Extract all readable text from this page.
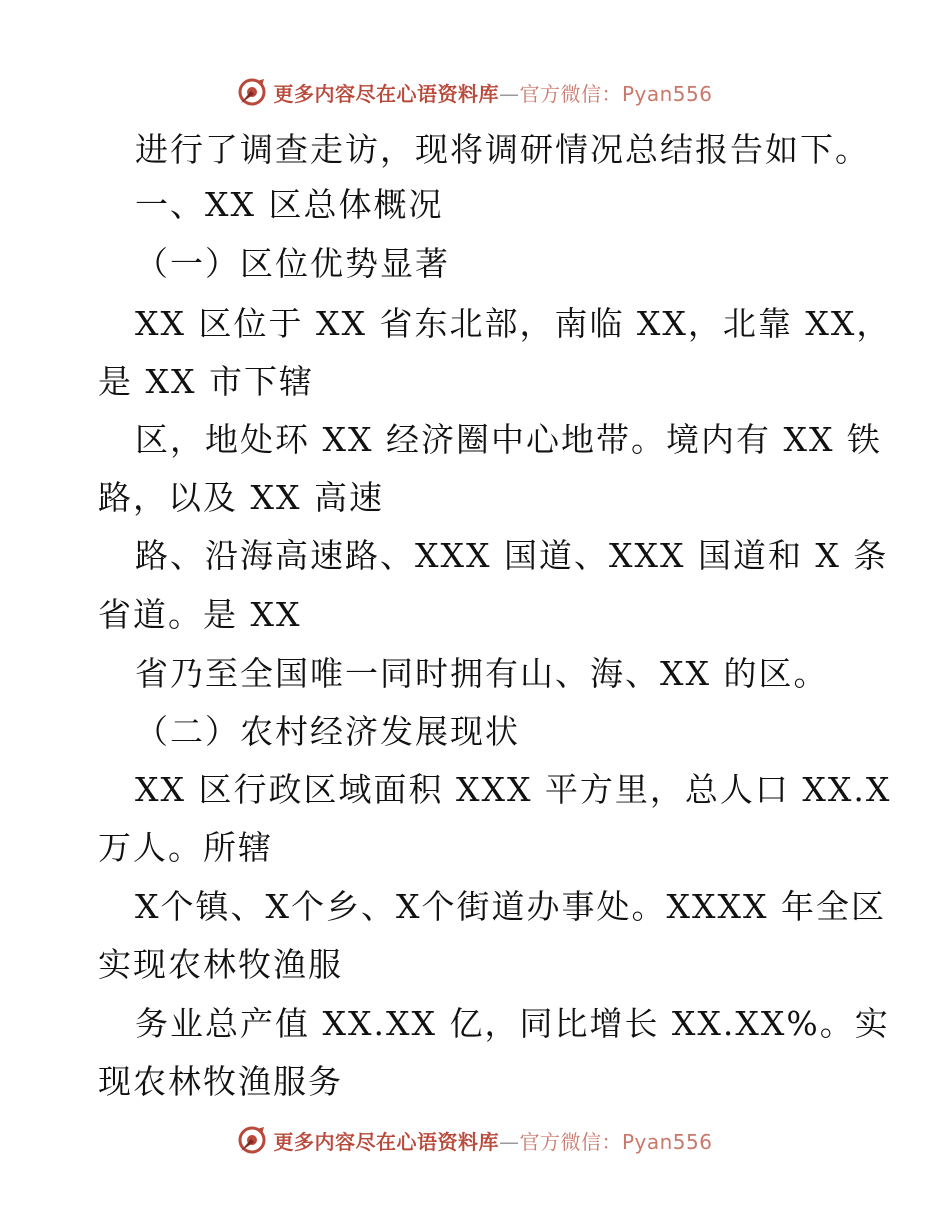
更多内容尽在心语资料库—官方微信：Pyan556
进行了调查走访，现将调研情况总结报告如下。
一、XX 区总体概况
（一）区位优势显著
XX 区位于 XX 省东北部，南临 XX，北靠 XX，
是 XX 市下辖
区，地处环 XX 经济圈中心地带。境内有 XX 铁
路，以及 XX 高速
路、沿海高速路、XXX 国道、XXX 国道和 X 条
省道。是 XX
省乃至全国唯一同时拥有山、海、XX 的区。
（二）农村经济发展现状
XX 区行政区域面积 XXX 平方里，总人口 XX.X
万人。所辖
X个镇、X个乡、X个街道办事处。XXXX 年全区
实现农林牧渔服
务业总产值 XX.XX 亿，同比增长 XX.XX%。实
现农林牧渔服务
更多内容尽在心语资料库—官方微信：Pyan556
